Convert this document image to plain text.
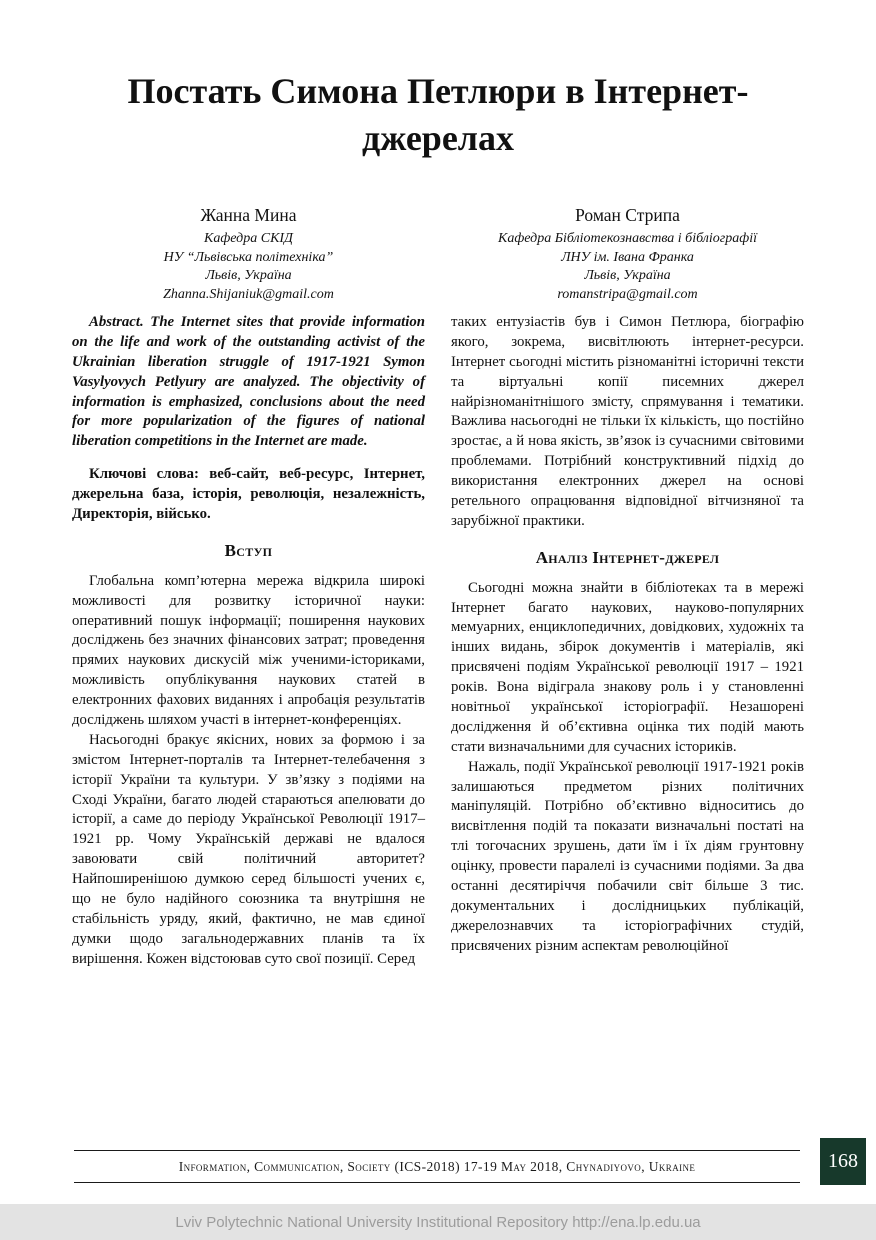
Постать Симона Петлюри в Інтернет-джерелах
Жанна Мина
Кафедра СКІД
НУ “Львівська політехніка”
Львів, Україна
Zhanna.Shijaniuk@gmail.com

Abstract. The Internet sites that provide information on the life and work of the outstanding activist of the Ukrainian liberation struggle of 1917-1921 Symon Vasylyovych Petlyury are analyzed. The objectivity of information is emphasized, conclusions about the need for more popularization of the figures of national liberation competitions in the Internet are made.

Ключові слова: веб-сайт, веб-ресурс, Інтернет, джерельна база, історія, революція, незалежність, Директорія, військо.

Вступ

Глобальна комп’ютерна мережа відкрила широкі можливості для розвитку історичної науки: оперативний пошук інформації; поширення наукових досліджень без значних фінансових затрат; проведення прямих наукових дискусій між ученими-істориками, можливість опублікування наукових статей в електронних фахових виданнях і апробація результатів досліджень шляхом участі в інтернет-конференціях.

Насьогодні бракує якісних, нових за формою і за змістом Інтернет-порталів та Інтернет-телебачення з історії України та культури. У зв’язку з подіями на Сході України, багато людей стараються апелювати до історії, а саме до періоду Української Революції 1917–1921 рр. Чому Українській державі не вдалося завоювати свій політичний авторитет? Найпоширенішою думкою серед більшості учених є, що не було надійного союзника та внутрішня не стабільність уряду, який, фактично, не мав єдиної думки щодо загальнодержавних планів та їх вирішення. Кожен відстоював суто свої позиції. Серед

Роман Стрипа
Кафедра Бібліотекознавства і бібліографії
ЛНУ ім. Івана Франка
Львів, Україна
romanstripa@gmail.com

таких ентузіастів був і Симон Петлюра, біографію якого, зокрема, висвітлюють інтернет-ресурси. Інтернет сьогодні містить різноманітні історичні тексти та віртуальні копії писемних джерел найрізноманітнішого змісту, спрямування і тематики. Важлива насьогодні не тільки їх кількість, що постійно зростає, а й нова якість, зв’язок із сучасними світовими проблемами. Потрібний конструктивний підхід до використання електронних джерел на основі ретельного опрацювання відповідної вітчизняної та зарубіжної практики.

Аналіз Інтернет-джерел

Сьогодні можна знайти в бібліотеках та в мережі Інтернет багато наукових, науково-популярних мемуарних, енциклопедичних, довідкових, художніх та інших видань, збірок документів і матеріалів, які присвячені подіям Української революції 1917 – 1921 років. Вона відіграла знакову роль і у становленні новітньої української історіографії. Незашорені дослідження й об’єктивна оцінка тих подій мають стати визначальними для сучасних істориків.

Нажаль, події Української революції 1917-1921 років залишаються предметом різних політичних маніпуляцій. Потрібно об’єктивно відноситись до висвітлення подій та показати визначальні постаті на тлі тогочасних зрушень, дати їм і їх діям грунтовну оцінку, провести паралелі із сучасними подіями. За два останні десятиріччя побачили світ більше 3 тис. документальних і дослідницьких публікацій, джерелознавчих та історіографічних студій, присвячених різним аспектам революційної

Information, Communication, Society (ICS-2018) 17-19 May 2018, Chynadiyovo, Ukraine	168
Lviv Polytechnic National University Institutional Repository http://ena.lp.edu.ua
